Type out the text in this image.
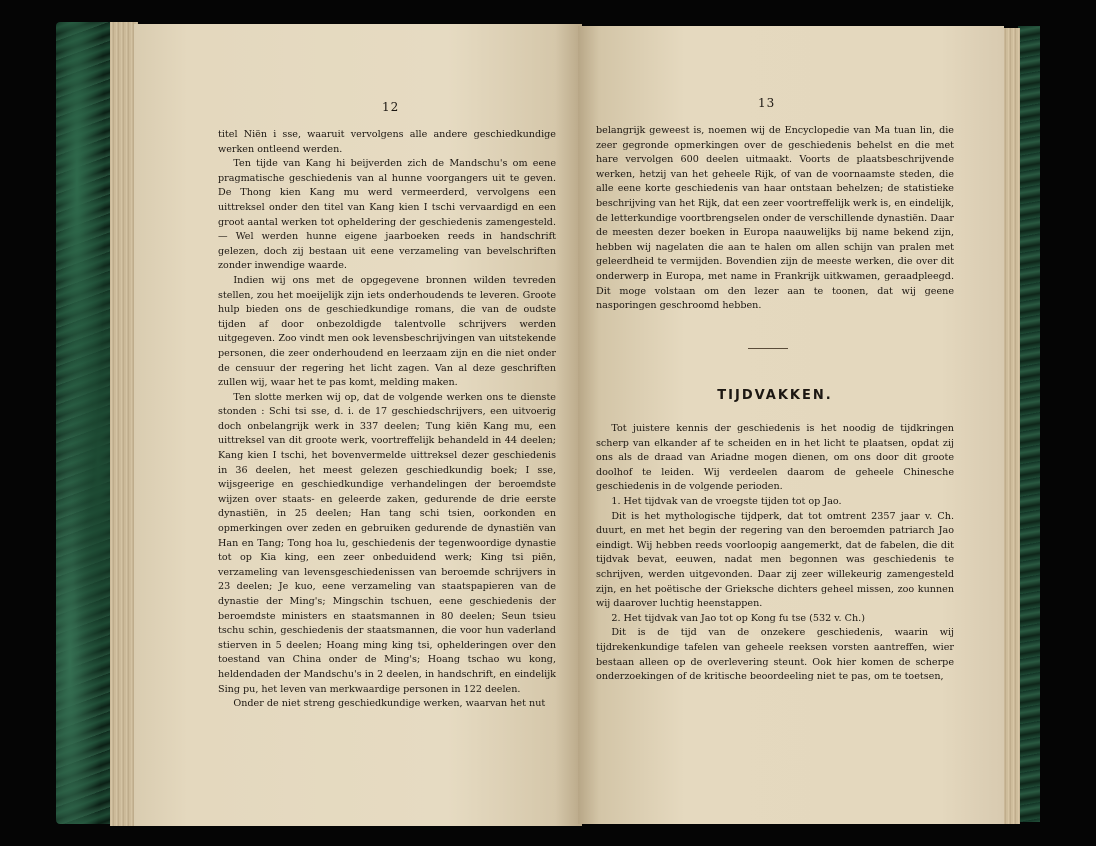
12

titel Niën i sse, waaruit vervolgens alle andere geschiedkundige werken ontleend werden.

Ten tijde van Kang hi beijverden zich de Mandschu's om eene pragmatische geschiedenis van al hunne voorgangers uit te geven. De Thong kien Kang mu werd vermeerderd, vervolgens een uittreksel onder den titel van Kang kien I tschi vervaardigd en een groot aantal werken tot opheldering der geschiedenis zamengesteld. — Wel werden hunne eigene jaarboeken reeds in handschrift gelezen, doch zij bestaan uit eene verzameling van bevelschriften zonder inwendige waarde.

Indien wij ons met de opgegevene bronnen wilden tevreden stellen, zou het moeijelijk zijn iets onderhoudends te leveren. Groote hulp bieden ons de geschiedkundige romans, die van de oudste tijden af door onbezoldigde talentvolle schrijvers werden uitgegeven. Zoo vindt men ook levensbeschrijvingen van uitstekende personen, die zeer onderhoudend en leerzaam zijn en die niet onder de censuur der regering het licht zagen. Van al deze geschriften zullen wij, waar het te pas komt, melding maken.

Ten slotte merken wij op, dat de volgende werken ons te dienste stonden : Schi tsi sse, d. i. de 17 geschiedschrijvers, een uitvoerig doch onbelangrijk werk in 337 deelen; Tung kiën Kang mu, een uittreksel van dit groote werk, voortreffelijk behandeld in 44 deelen; Kang kien I tschi, het bovenvermelde uittreksel dezer geschiedenis in 36 deelen, het meest gelezen geschiedkundig boek; I sse, wijsgeerige en geschiedkundige verhandelingen der beroemdste wijzen over staats- en geleerde zaken, gedurende de drie eerste dynastiën, in 25 deelen; Han tang schi tsien, oorkonden en opmerkingen over zeden en gebruiken gedurende de dynastiën van Han en Tang; Tong hoa lu, geschiedenis der tegenwoordige dynastie tot op Kia king, een zeer onbeduidend werk; King tsi piën, verzameling van levensgeschiedenissen van beroemde schrijvers in 23 deelen; Je kuo, eene verzameling van staatspapieren van de dynastie der Ming's; Mingschin tschuen, eene geschiedenis der beroemdste ministers en staatsmannen in 80 deelen; Seun tsieu tschu schin, geschiedenis der staatsmannen, die voor hun vaderland stierven in 5 deelen; Hoang ming king tsi, ophelderingen over den toestand van China onder de Ming's; Hoang tschao wu kong, heldendaden der Mandschu's in 2 deelen, in handschrift, en eindelijk Sing pu, het leven van merkwaardige personen in 122 deelen.

Onder de niet streng geschiedkundige werken, waarvan het nut

13

belangrijk geweest is, noemen wij de Encyclopedie van Ma tuan lin, die zeer gegronde opmerkingen over de geschiedenis behelst en die met hare vervolgen 600 deelen uitmaakt. Voorts de plaatsbeschrijvende werken, hetzij van het geheele Rijk, of van de voornaamste steden, die alle eene korte geschiedenis van haar ontstaan behelzen; de statistieke beschrijving van het Rijk, dat een zeer voortreffelijk werk is, en eindelijk, de letterkundige voortbrengselen onder de verschillende dynastiën. Daar de meesten dezer boeken in Europa naauwelijks bij name bekend zijn, hebben wij nagelaten die aan te halen om allen schijn van pralen met geleerdheid te vermijden. Bovendien zijn de meeste werken, die over dit onderwerp in Europa, met name in Frankrijk uitkwamen, geraadpleegd. Dit moge volstaan om den lezer aan te toonen, dat wij geene nasporingen geschroomd hebben.

TIJDVAKKEN.

Tot juistere kennis der geschiedenis is het noodig de tijdkringen scherp van elkander af te scheiden en in het licht te plaatsen, opdat zij ons als de draad van Ariadne mogen dienen, om ons door dit groote doolhof te leiden. Wij verdeelen daarom de geheele Chinesche geschiedenis in de volgende perioden.

1. Het tijdvak van de vroegste tijden tot op Jao.

Dit is het mythologische tijdperk, dat tot omtrent 2357 jaar v. Ch. duurt, en met het begin der regering van den beroemden patriarch Jao eindigt. Wij hebben reeds voorloopig aangemerkt, dat de fabelen, die dit tijdvak bevat, eeuwen, nadat men begonnen was geschiedenis te schrijven, werden uitgevonden. Daar zij zeer willekeurig zamengesteld zijn, en het poëtische der Grieksche dichters geheel missen, zoo kunnen wij daarover luchtig heenstappen.

2. Het tijdvak van Jao tot op Kong fu tse (532 v. Ch.)

Dit is de tijd van de onzekere geschiedenis, waarin wij tijdrekenkundige tafelen van geheele reeksen vorsten aantreffen, wier bestaan alleen op de overlevering steunt. Ook hier komen de scherpe onderzoekingen of de kritische beoordeeling niet te pas, om te toetsen,
